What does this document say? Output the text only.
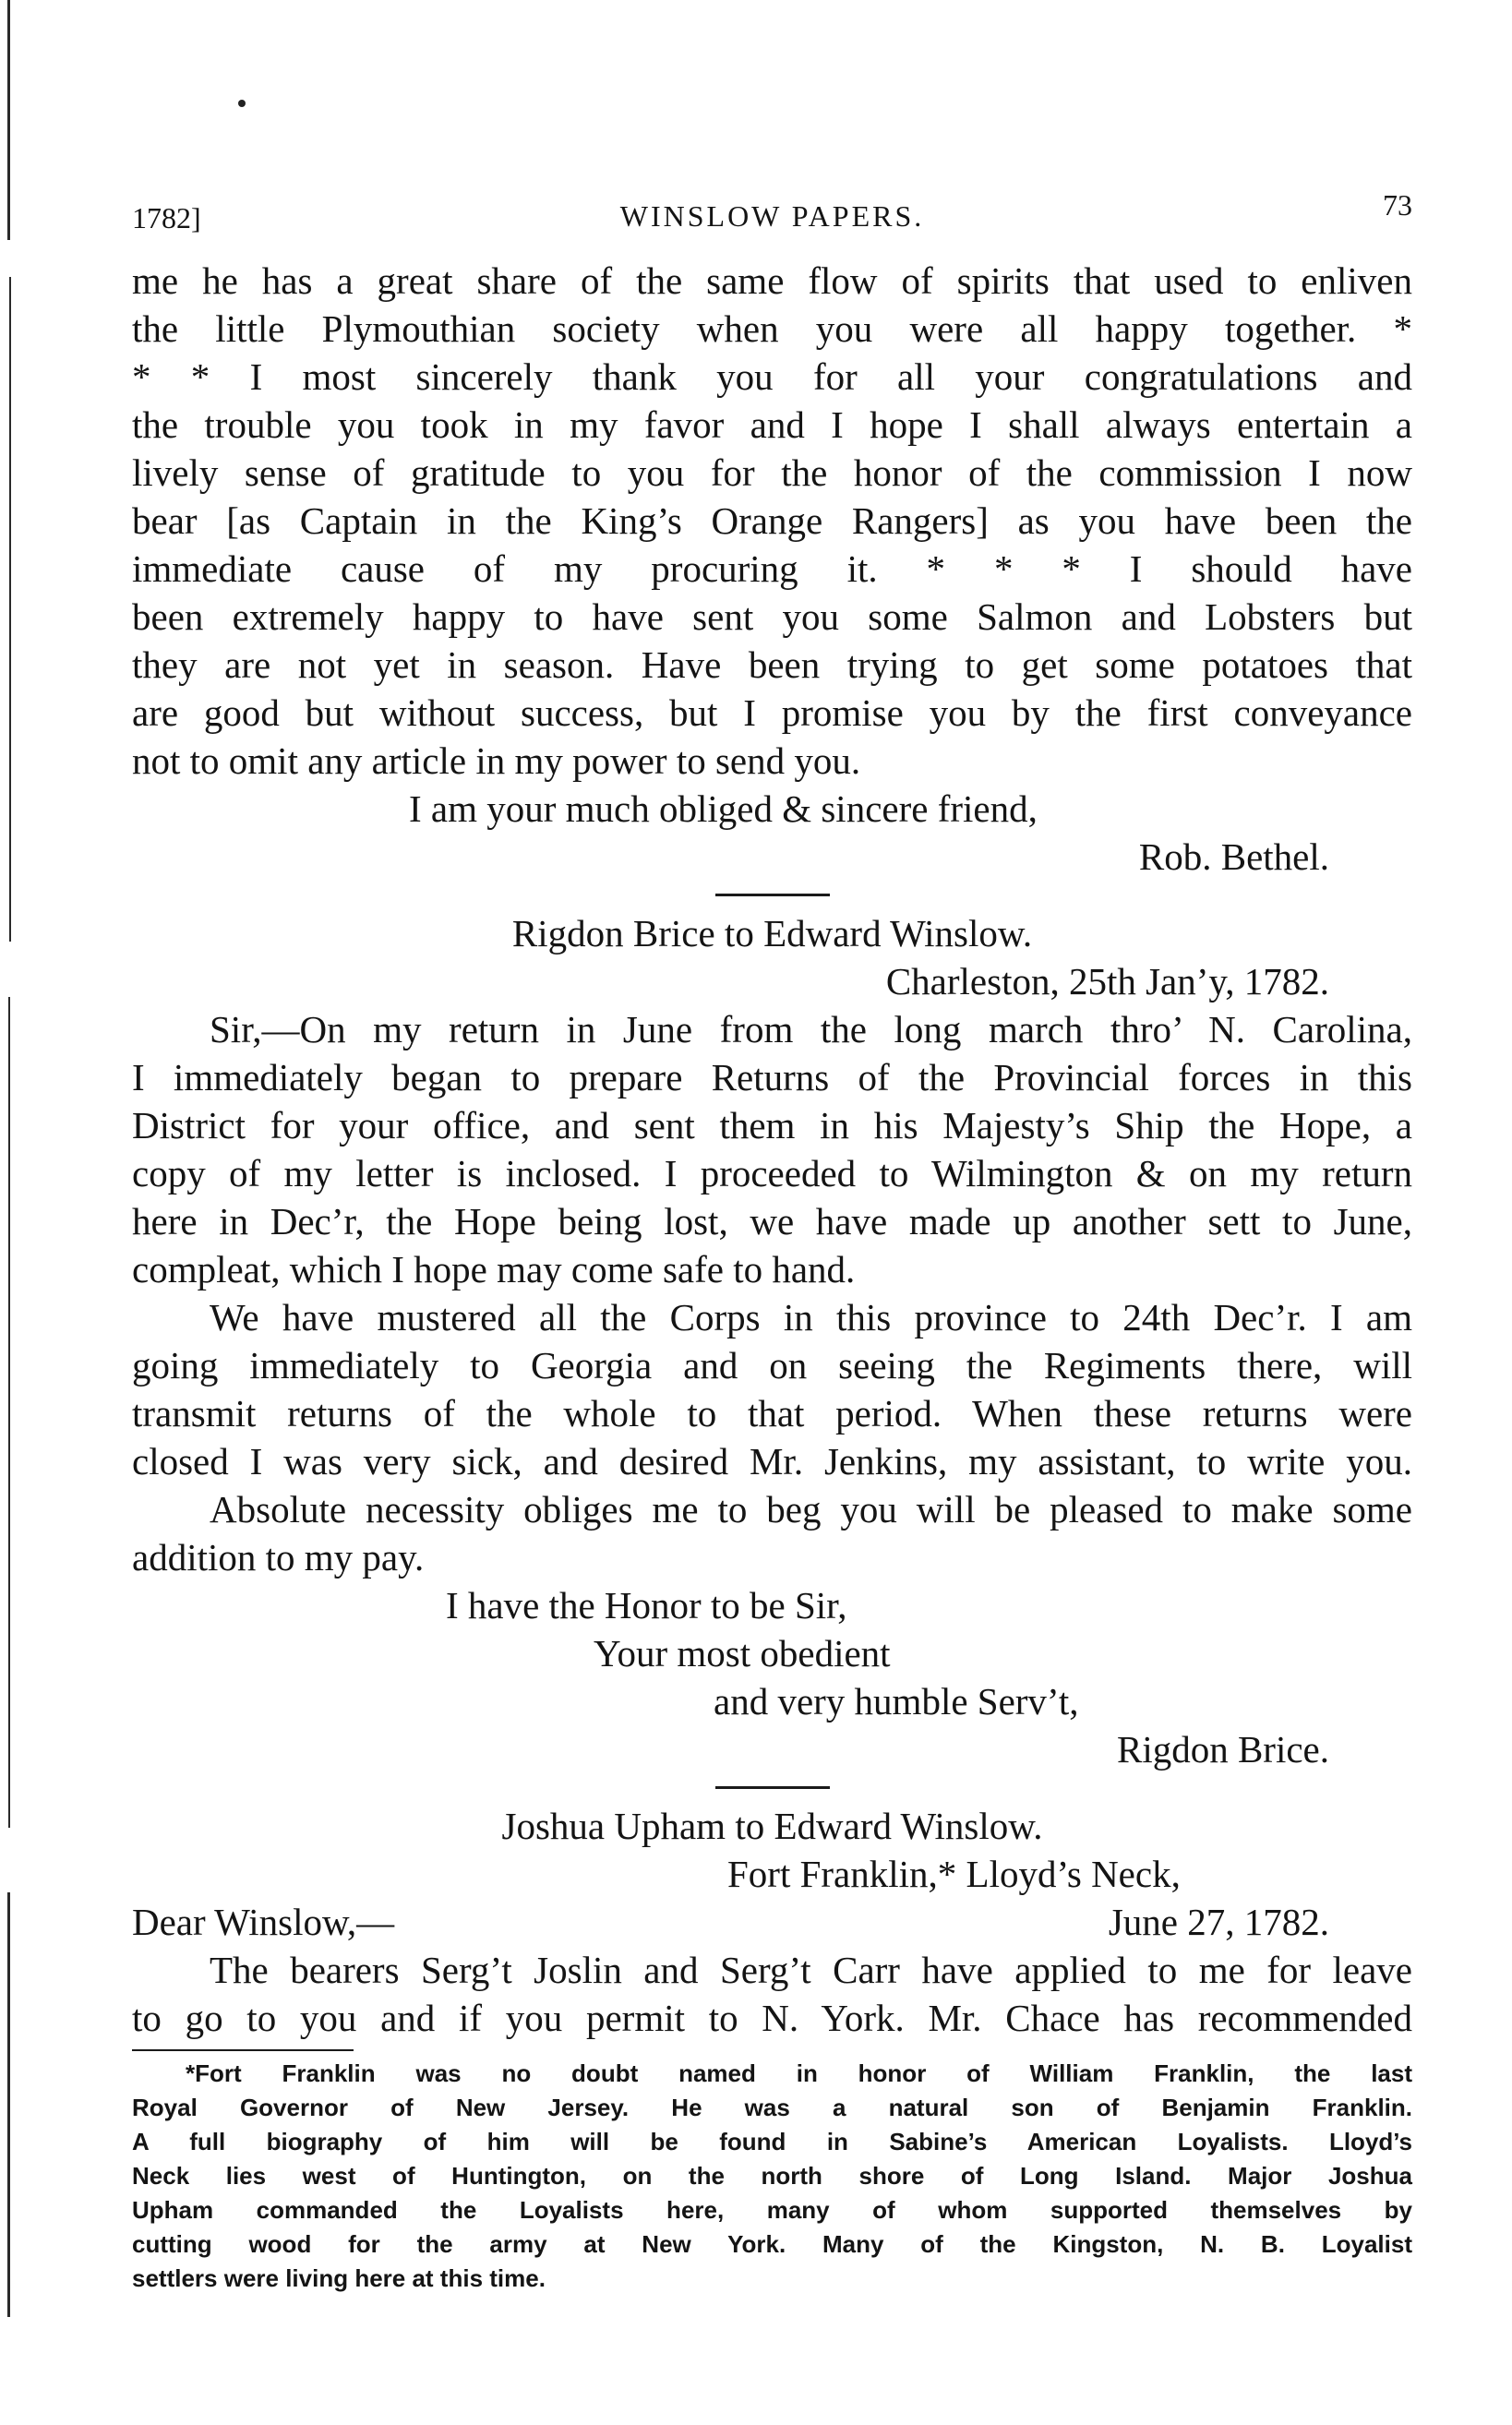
1782]	WINSLOW PAPERS.	73
me he has a great share of the same flow of spirits that used to enliven
the little Plymouthian society when you were all happy together. *
* * I most sincerely thank you for all your congratulations and
the trouble you took in my favor and I hope I shall always entertain a
lively sense of gratitude to you for the honor of the commission I now
bear [as Captain in the King’s Orange Rangers] as you have been the
immediate cause of my procuring it. * * * I should have
been extremely happy to have sent you some Salmon and Lobsters but
they are not yet in season. Have been trying to get some potatoes that
are good but without success, but I promise you by the first conveyance
not to omit any article in my power to send you.
I am your much obliged & sincere friend,
Rob. Bethel.
Rigdon Brice to Edward Winslow.
Charleston, 25th Jan’y, 1782.
Sir,—On my return in June from the long march thro’ N. Carolina,
I immediately began to prepare Returns of the Provincial forces in this
District for your office, and sent them in his Majesty’s Ship the Hope, a
copy of my letter is inclosed. I proceeded to Wilmington & on my return
here in Dec’r, the Hope being lost, we have made up another sett to June,
compleat, which I hope may come safe to hand.
We have mustered all the Corps in this province to 24th Dec’r. I am
going immediately to Georgia and on seeing the Regiments there, will
transmit returns of the whole to that period. When these returns were
closed I was very sick, and desired Mr. Jenkins, my assistant, to write you.
Absolute necessity obliges me to beg you will be pleased to make some
addition to my pay.
I have the Honor to be Sir,
Your most obedient
and very humble Serv’t,
Rigdon Brice.
Joshua Upham to Edward Winslow.
Fort Franklin,* Lloyd’s Neck,
Dear Winslow,—	June 27, 1782.
The bearers Serg’t Joslin and Serg’t Carr have applied to me for leave
to go to you and if you permit to N. York. Mr. Chace has recommended
*Fort Franklin was no doubt named in honor of William Franklin, the last
Royal Governor of New Jersey. He was a natural son of Benjamin Franklin.
A full biography of him will be found in Sabine’s American Loyalists. Lloyd’s
Neck lies west of Huntington, on the north shore of Long Island. Major Joshua
Upham commanded the Loyalists here, many of whom supported themselves by
cutting wood for the army at New York. Many of the Kingston, N. B. Loyalist
settlers were living here at this time.
